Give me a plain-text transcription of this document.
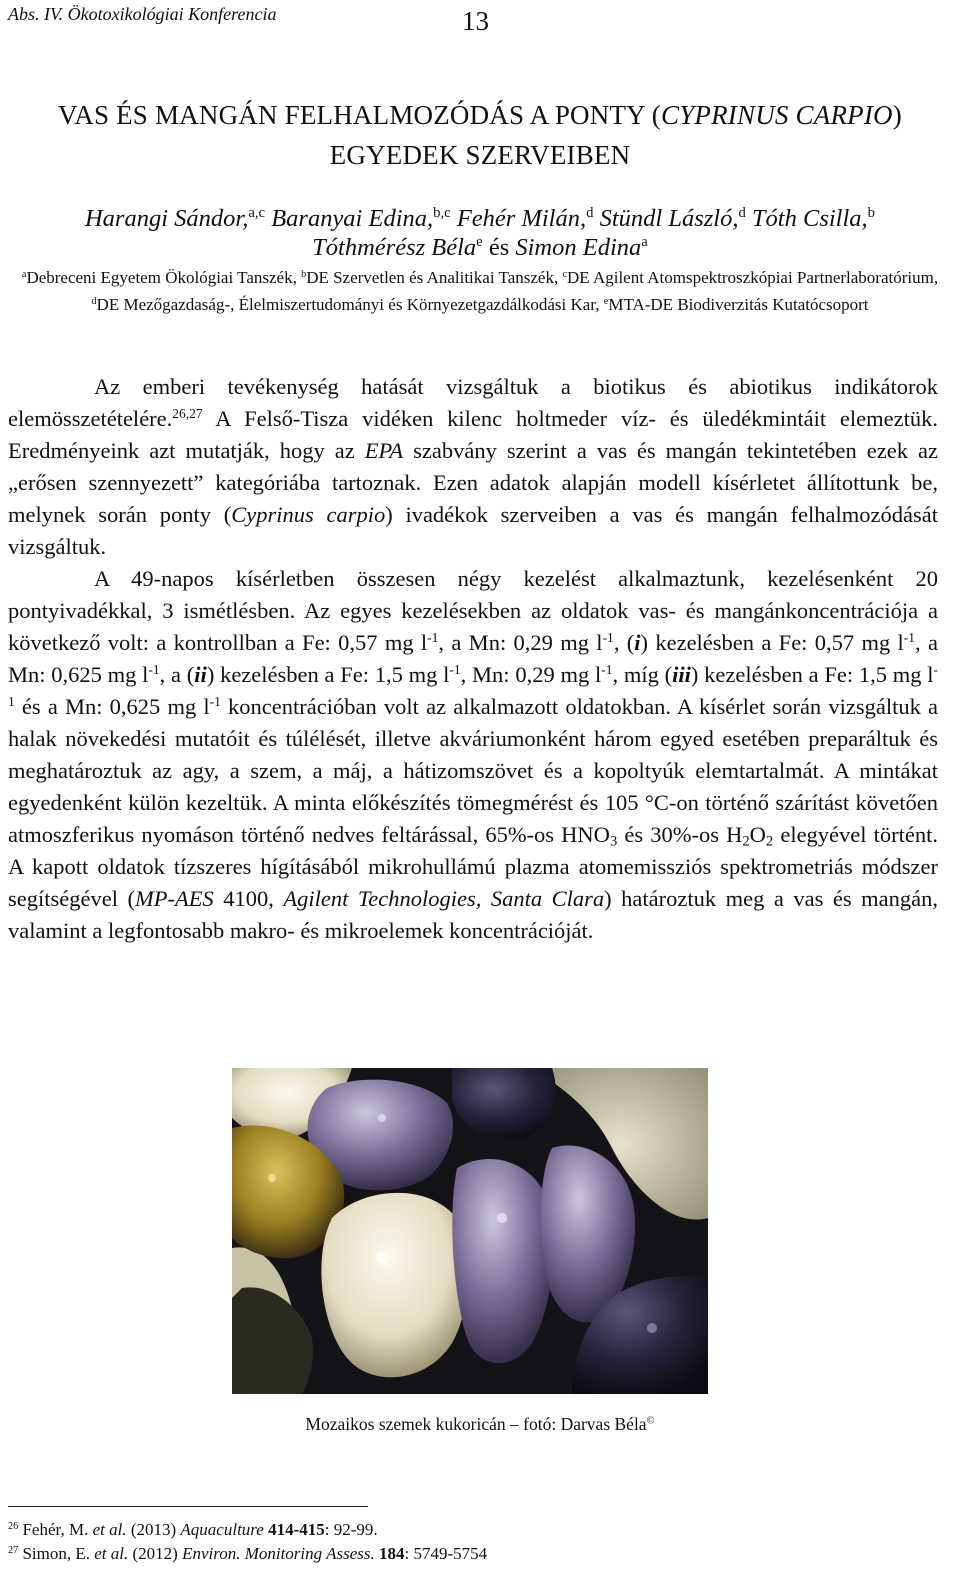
Abs. IV. Ökotoxikológiai Konferencia	13
VAS ÉS MANGÁN FELHALMOZÓDÁS A PONTY (CYPRINUS CARPIO)
EGYEDEK SZERVEIBEN
Harangi Sándor,$^{a,c}$ Baranyai Edina,$^{b,c}$ Fehér Milán,$^d$ Stündl László,$^d$ Tóth Csilla,$^b$
Tóthmérész Béla$^e$ és Simon Edina$^a$
$^a$Debreceni Egyetem Ökológiai Tanszék, $^b$DE Szervetlen és Analitikai Tanszék, $^c$DE Agilent Atomspektroszkópiai Partnerlaboratórium, $^d$DE Mezőgazdaság-, Élelmiszertudományi és Környezetgazdálkodási Kar, $^e$MTA-DE Biodiverzitás Kutatócsoport

Az emberi tevékenység hatását vizsgáltuk a biotikus és abiotikus indikátorok elemösszetételére.$^{26,27}$ A Felső-Tisza vidéken kilenc holtmeder víz- és üledékmintáit elemeztük. Eredményeink azt mutatják, hogy az EPA szabvány szerint a vas és mangán tekintetében ezek az „erősen szennyezett” kategóriába tartoznak. Ezen adatok alapján modell kísérletet állítottunk be, melynek során ponty (Cyprinus carpio) ivadékok szerveiben a vas és mangán felhalmozódását vizsgáltuk.

A 49-napos kísérletben összesen négy kezelést alkalmaztunk, kezelésenként 20 pontyivadékkal, 3 ismétlésben. Az egyes kezelésekben az oldatok vas- és mangánkoncentrációja a következő volt: a kontrollban a Fe: 0,57 mg $l^{-1}$, a Mn: 0,29 mg $l^{-1}$, (i) kezelésben a Fe: 0,57 mg $l^{-1}$, a Mn: 0,625 mg $l^{-1}$, a (ii) kezelésben a Fe: 1,5 mg $l^{-1}$, Mn: 0,29 mg $l^{-1}$, míg (iii) kezelésben a Fe: 1,5 mg $l^{-1}$ és a Mn: 0,625 mg $l^{-1}$ koncentrációban volt az alkalmazott oldatokban. A kísérlet során vizsgáltuk a halak növekedési mutatóit és túlélését, illetve akváriumonként három egyed esetében preparáltuk és meghatároztuk az agy, a szem, a máj, a hátizomszövet és a kopoltyúk elemtartalmát. A mintákat egyedenként külön kezeltük. A minta előkészítés tömegmérést és 105 °C-on történő szárítást követően atmoszferikus nyomáson történő nedves feltárással, 65%-os $HNO_3$ és 30%-os $H_2O_2$ elegyével történt. A kapott oldatok tízszeres hígításából mikrohullámú plazma atomemissziós spektrometriás módszer segítségével (MP-AES 4100, Agilent Technologies, Santa Clara) határoztuk meg a vas és mangán, valamint a legfontosabb makro- és mikroelemek koncentrációját.

Mozaikos szemek kukoricán – fotó: Darvas Béla©
$^{26}$ Fehér, M. et al. (2013) Aquaculture 414-415: 92-99.
$^{27}$ Simon, E. et al. (2012) Environ. Monitoring Assess. 184: 5749-5754
